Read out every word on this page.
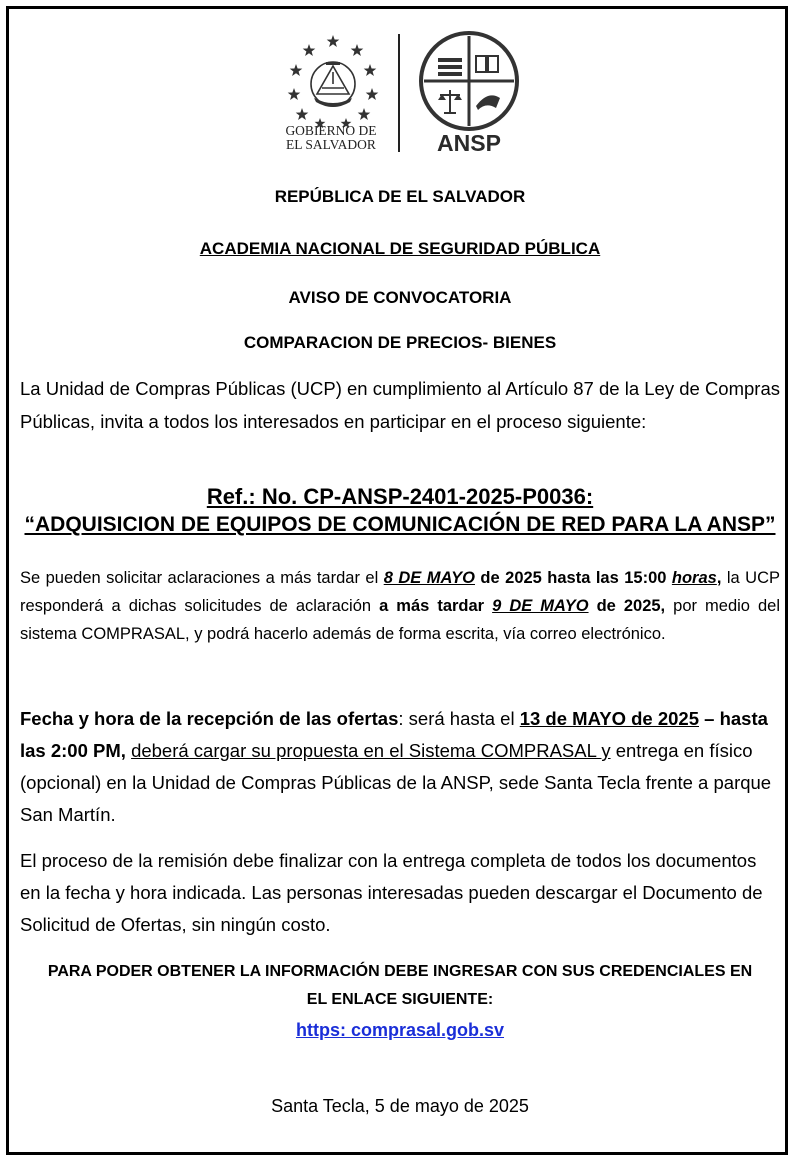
GOBIERNO DE
EL SALVADOR	ANSP
REPÚBLICA DE EL SALVADOR
ACADEMIA NACIONAL DE SEGURIDAD PÚBLICA
AVISO DE CONVOCATORIA
COMPARACION DE PRECIOS- BIENES
La Unidad de Compras Públicas (UCP) en cumplimiento al Artículo 87 de la Ley de Compras Públicas, invita a todos los interesados en participar en el proceso siguiente:
Ref.: No. CP-ANSP-2401-2025-P0036:
“ADQUISICION DE EQUIPOS DE COMUNICACIÓN DE RED PARA LA ANSP”
Se pueden solicitar aclaraciones a más tardar el 8 DE MAYO de 2025 hasta las 15:00 horas, la UCP responderá a dichas solicitudes de aclaración a más tardar 9 DE MAYO de 2025, por medio del sistema COMPRASAL, y podrá hacerlo además de forma escrita, vía correo electrónico.
Fecha y hora de la recepción de las ofertas: será hasta el 13 de MAYO de 2025 – hasta las 2:00 PM, deberá cargar su propuesta en el Sistema COMPRASAL y entrega en físico (opcional) en la Unidad de Compras Públicas de la ANSP, sede Santa Tecla frente a parque San Martín.
El proceso de la remisión debe finalizar con la entrega completa de todos los documentos en la fecha y hora indicada. Las personas interesadas pueden descargar el Documento de Solicitud de Ofertas, sin ningún costo.
PARA PODER OBTENER LA INFORMACIÓN DEBE INGRESAR CON SUS CREDENCIALES EN
EL ENLACE SIGUIENTE:
https: comprasal.gob.sv
Santa Tecla, 5 de mayo de 2025
